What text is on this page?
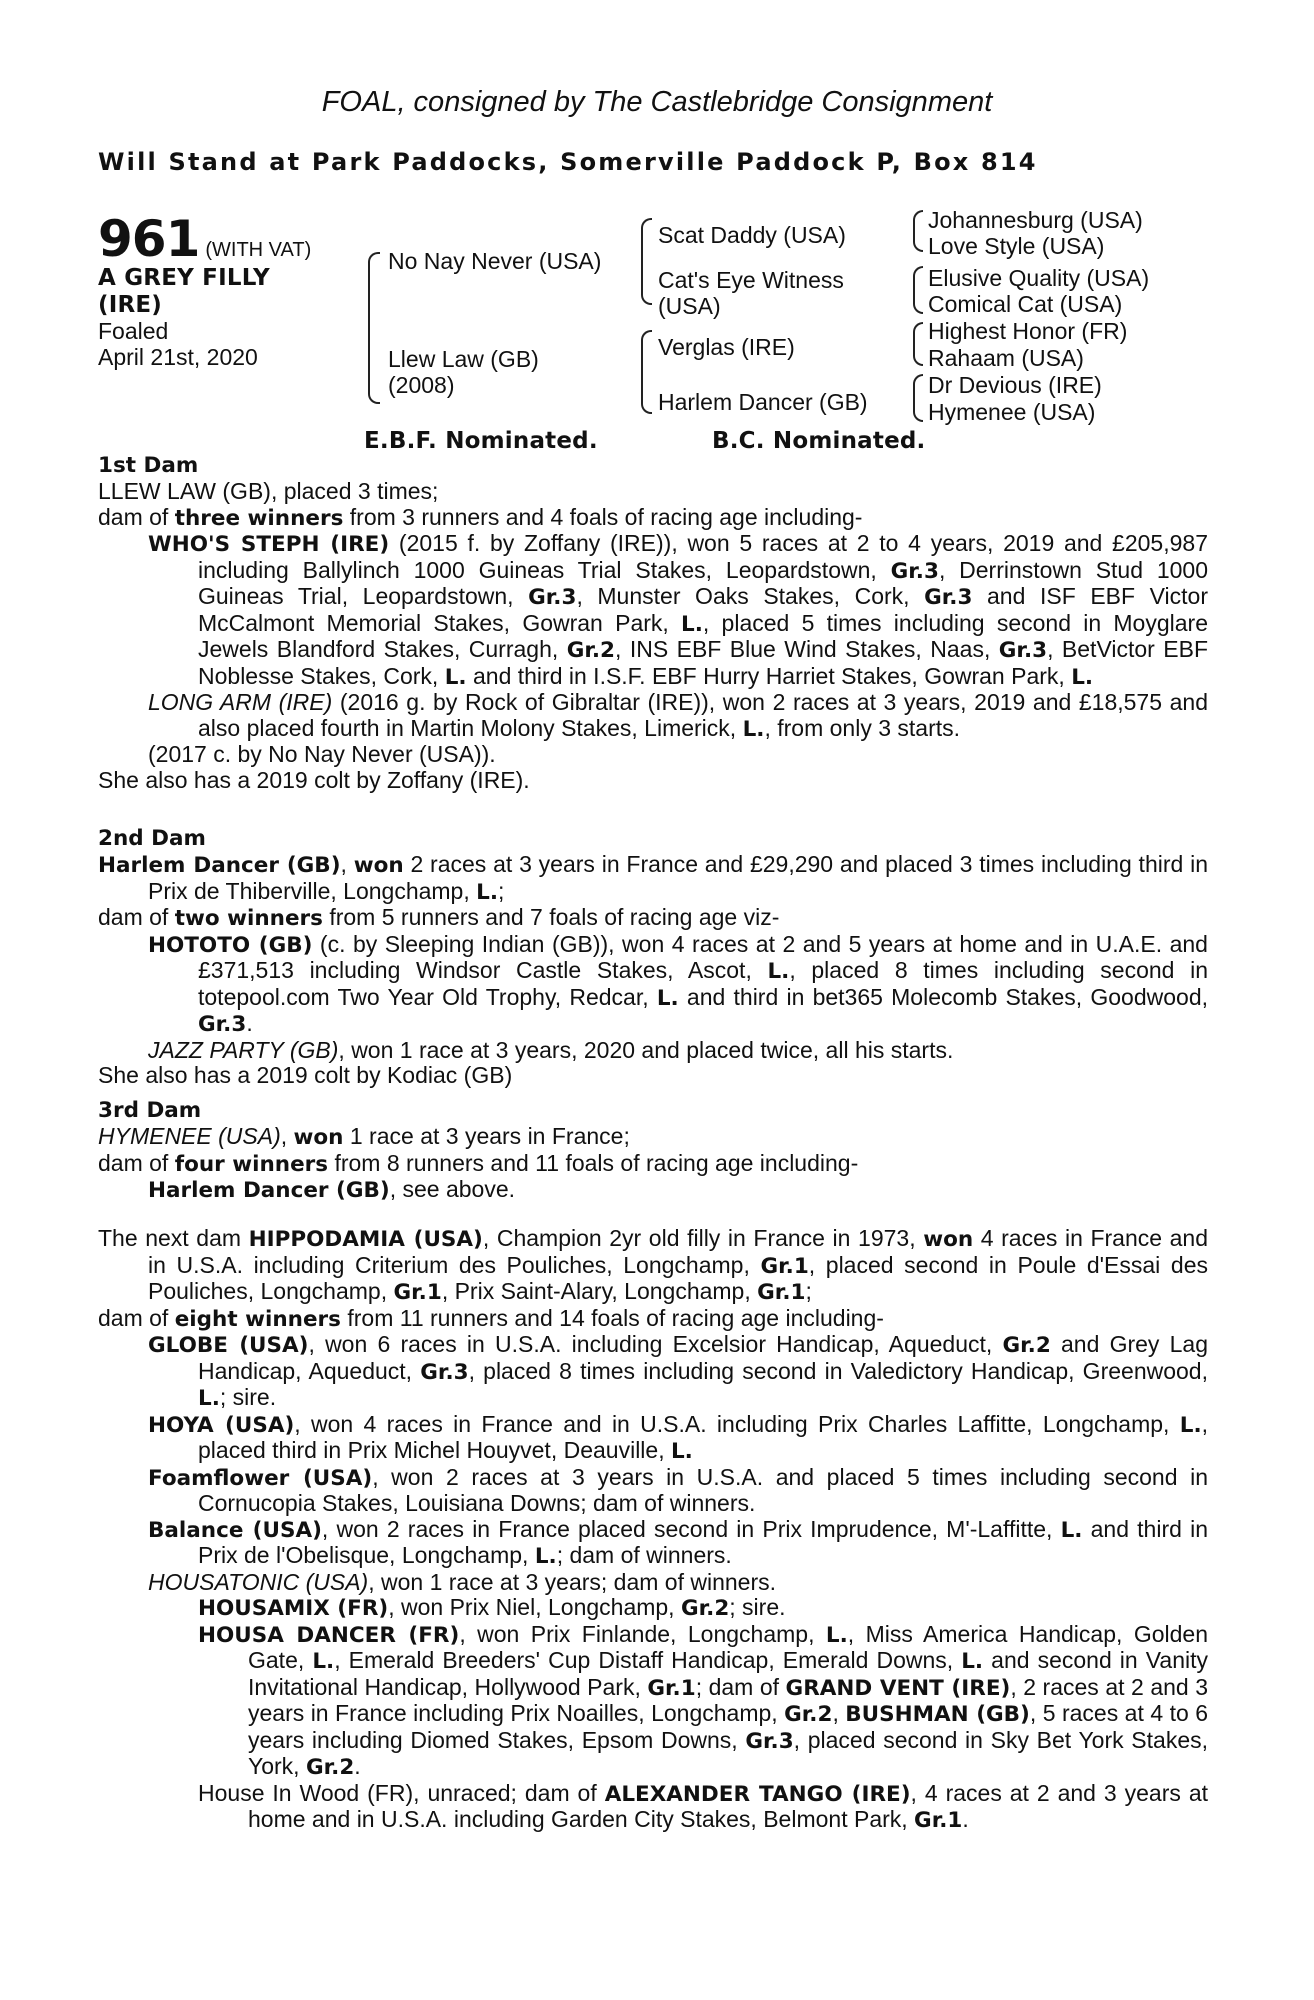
FOAL, consigned by The Castlebridge Consignment
Will Stand at Park Paddocks, Somerville Paddock P, Box 814
961 (WITH VAT)
A GREY FILLY
(IRE)
Foaled
April 21st, 2020
No Nay Never (USA)
Llew Law (GB)
(2008)
Scat Daddy (USA)
Cat's Eye Witness
(USA)
Verglas (IRE)
Harlem Dancer (GB)
Johannesburg (USA)
Love Style (USA)
Elusive Quality (USA)
Comical Cat (USA)
Highest Honor (FR)
Rahaam (USA)
Dr Devious (IRE)
Hymenee (USA)
E.B.F. Nominated.	B.C. Nominated.
1st Dam
LLEW LAW (GB), placed 3 times;
dam of three winners from 3 runners and 4 foals of racing age including-
WHO'S STEPH (IRE) (2015 f. by Zoffany (IRE)), won 5 races at 2 to 4 years, 2019 and £205,987 including Ballylinch 1000 Guineas Trial Stakes, Leopardstown, Gr.3, Derrinstown Stud 1000 Guineas Trial, Leopardstown, Gr.3, Munster Oaks Stakes, Cork, Gr.3 and ISF EBF Victor McCalmont Memorial Stakes, Gowran Park, L., placed 5 times including second in Moyglare Jewels Blandford Stakes, Curragh, Gr.2, INS EBF Blue Wind Stakes, Naas, Gr.3, BetVictor EBF Noblesse Stakes, Cork, L. and third in I.S.F. EBF Hurry Harriet Stakes, Gowran Park, L.
LONG ARM (IRE) (2016 g. by Rock of Gibraltar (IRE)), won 2 races at 3 years, 2019 and £18,575 and also placed fourth in Martin Molony Stakes, Limerick, L., from only 3 starts.
(2017 c. by No Nay Never (USA)).
She also has a 2019 colt by Zoffany (IRE).
2nd Dam
Harlem Dancer (GB), won 2 races at 3 years in France and £29,290 and placed 3 times including third in Prix de Thiberville, Longchamp, L.;
dam of two winners from 5 runners and 7 foals of racing age viz-
HOTOTO (GB) (c. by Sleeping Indian (GB)), won 4 races at 2 and 5 years at home and in U.A.E. and £371,513 including Windsor Castle Stakes, Ascot, L., placed 8 times including second in totepool.com Two Year Old Trophy, Redcar, L. and third in bet365 Molecomb Stakes, Goodwood, Gr.3.
JAZZ PARTY (GB), won 1 race at 3 years, 2020 and placed twice, all his starts.
She also has a 2019 colt by Kodiac (GB)
3rd Dam
HYMENEE (USA), won 1 race at 3 years in France;
dam of four winners from 8 runners and 11 foals of racing age including-
Harlem Dancer (GB), see above.
The next dam HIPPODAMIA (USA), Champion 2yr old filly in France in 1973, won 4 races in France and in U.S.A. including Criterium des Pouliches, Longchamp, Gr.1, placed second in Poule d'Essai des Pouliches, Longchamp, Gr.1, Prix Saint-Alary, Longchamp, Gr.1;
dam of eight winners from 11 runners and 14 foals of racing age including-
GLOBE (USA), won 6 races in U.S.A. including Excelsior Handicap, Aqueduct, Gr.2 and Grey Lag Handicap, Aqueduct, Gr.3, placed 8 times including second in Valedictory Handicap, Greenwood, L.; sire.
HOYA (USA), won 4 races in France and in U.S.A. including Prix Charles Laffitte, Longchamp, L., placed third in Prix Michel Houyvet, Deauville, L.
Foamflower (USA), won 2 races at 3 years in U.S.A. and placed 5 times including second in Cornucopia Stakes, Louisiana Downs; dam of winners.
Balance (USA), won 2 races in France placed second in Prix Imprudence, M'-Laffitte, L. and third in Prix de l'Obelisque, Longchamp, L.; dam of winners.
HOUSATONIC (USA), won 1 race at 3 years; dam of winners.
HOUSAMIX (FR), won Prix Niel, Longchamp, Gr.2; sire.
HOUSA DANCER (FR), won Prix Finlande, Longchamp, L., Miss America Handicap, Golden Gate, L., Emerald Breeders' Cup Distaff Handicap, Emerald Downs, L. and second in Vanity Invitational Handicap, Hollywood Park, Gr.1; dam of GRAND VENT (IRE), 2 races at 2 and 3 years in France including Prix Noailles, Longchamp, Gr.2, BUSHMAN (GB), 5 races at 4 to 6 years including Diomed Stakes, Epsom Downs, Gr.3, placed second in Sky Bet York Stakes, York, Gr.2.
House In Wood (FR), unraced; dam of ALEXANDER TANGO (IRE), 4 races at 2 and 3 years at home and in U.S.A. including Garden City Stakes, Belmont Park, Gr.1.
